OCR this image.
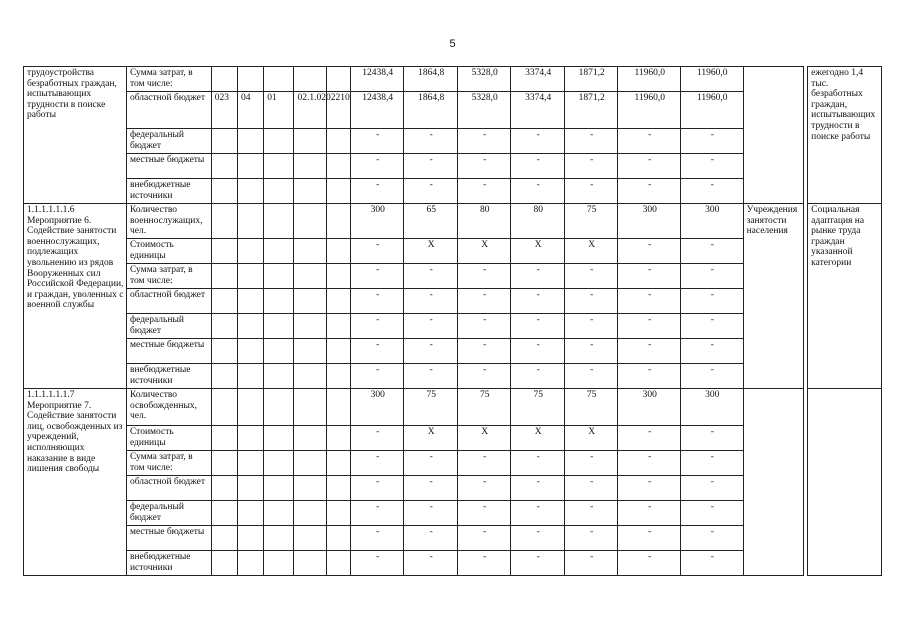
5
трудоустройства безработных граждан, испытывающих трудности в поиске работы	Сумма затрат, в том числе:						12438,4	1864,8	5328,0	3374,4	1871,2	11960,0	11960,0			ежегодно 1,4 тыс. безработных граждан, испытывающих трудности в поиске работы
	областной бюджет	023	04	01	02.1.0202210		12438,4	1864,8	5328,0	3374,4	1871,2	11960,0	11960,0			
	федеральный бюджет						-	-	-	-	-	-	-			
	местные бюджеты						-	-	-	-	-	-	-			
	внебюджетные источники						-	-	-	-	-	-	-			
1.1.1.1.1.1.6 Мероприятие 6. Содействие занятости военнослужащих, подлежащих увольнению из рядов Вооруженных сил Российской Федерации, и граждан, уволенных с военной службы	Количество военнослужащих, чел.						300	65	80	80	75	300	300	Учреждения занятости населения		Социальная адаптация на рынке труда граждан указанной категории
	Стоимость единицы						-	X	X	X	X	-	-			
	Сумма затрат, в том числе:						-	-	-	-	-	-	-			
	областной бюджет						-	-	-	-	-	-	-			
	федеральный бюджет						-	-	-	-	-	-	-			
	местные бюджеты						-	-	-	-	-	-	-			
	внебюджетные источники						-	-	-	-	-	-	-			
1.1.1.1.1.1.7 Мероприятие 7. Содействие занятости лиц, освобожденных из учреждений, исполняющих наказание в виде лишения свободы	Количество освобожденных, чел.						300	75	75	75	75	300	300			
	Стоимость единицы						-	X	X	X	X	-	-			
	Сумма затрат, в том числе:						-	-	-	-	-	-	-			
	областной бюджет						-	-	-	-	-	-	-			
	федеральный бюджет						-	-	-	-	-	-	-			
	местные бюджеты						-	-	-	-	-	-	-			
	внебюджетные источники						-	-	-	-	-	-	-			
